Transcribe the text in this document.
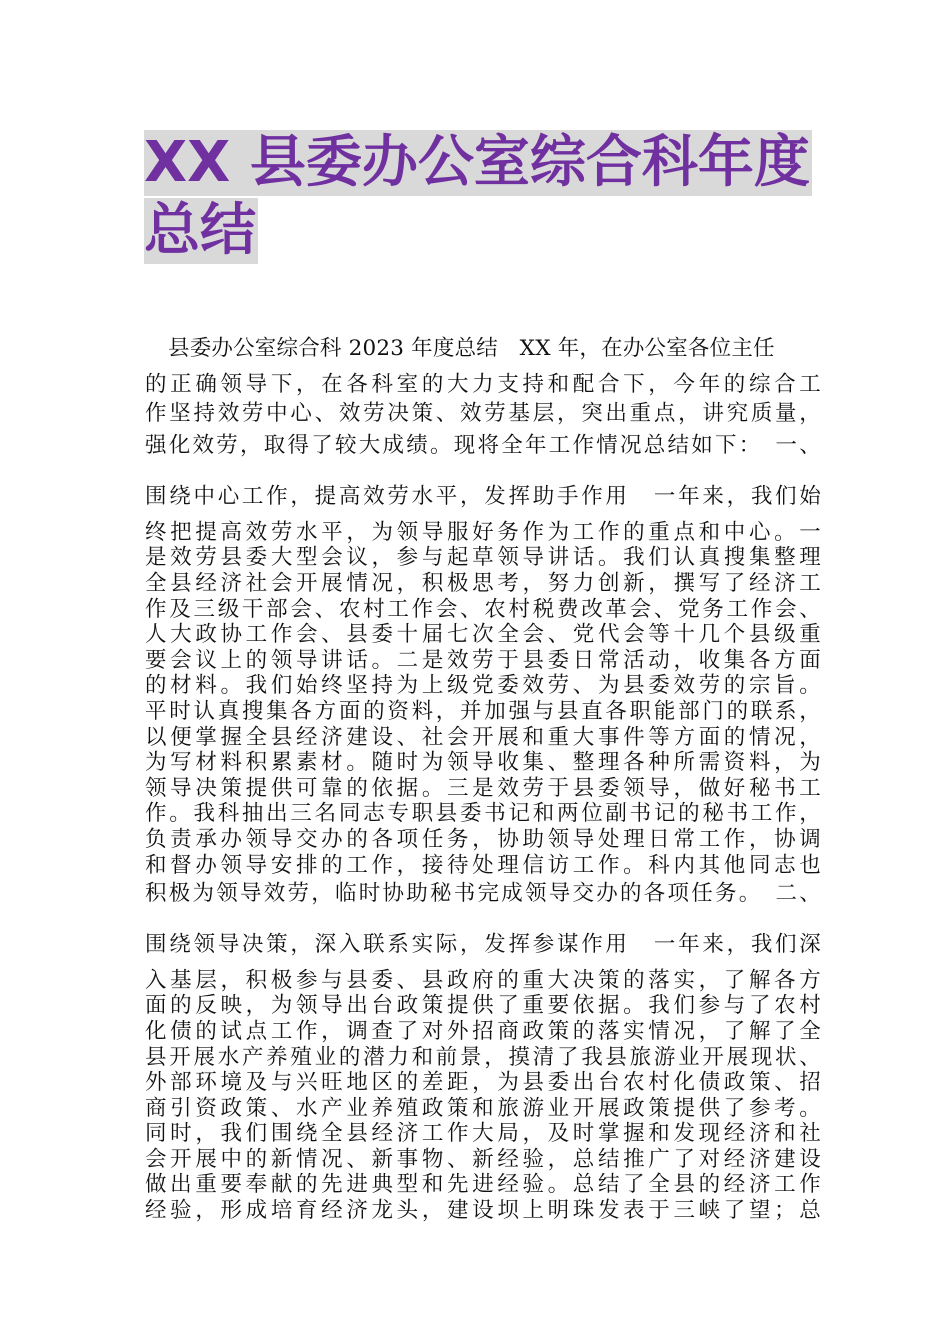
XX 县委办公室综合科年度
总结
县委办公室综合科 2023 年度总结　XX 年，在办公室各位主任
的正确领导下，在各科室的大力支持和配合下，今年的综合工
作坚持效劳中心、效劳决策、效劳基层，突出重点，讲究质量，
强化效劳，取得了较大成绩。现将全年工作情况总结如下：　一、
围绕中心工作，提高效劳水平，发挥助手作用　一年来，我们始
终把提高效劳水平，为领导服好务作为工作的重点和中心。一
是效劳县委大型会议，参与起草领导讲话。我们认真搜集整理
全县经济社会开展情况，积极思考，努力创新，撰写了经济工
作及三级干部会、农村工作会、农村税费改革会、党务工作会、
人大政协工作会、县委十届七次全会、党代会等十几个县级重
要会议上的领导讲话。二是效劳于县委日常活动，收集各方面
的材料。我们始终坚持为上级党委效劳、为县委效劳的宗旨。
平时认真搜集各方面的资料，并加强与县直各职能部门的联系，
以便掌握全县经济建设、社会开展和重大事件等方面的情况，
为写材料积累素材。随时为领导收集、整理各种所需资料，为
领导决策提供可靠的依据。三是效劳于县委领导，做好秘书工
作。我科抽出三名同志专职县委书记和两位副书记的秘书工作，
负责承办领导交办的各项任务，协助领导处理日常工作，协调
和督办领导安排的工作，接待处理信访工作。科内其他同志也
积极为领导效劳，临时协助秘书完成领导交办的各项任务。　二、
围绕领导决策，深入联系实际，发挥参谋作用　一年来，我们深
入基层，积极参与县委、县政府的重大决策的落实，了解各方
面的反映，为领导出台政策提供了重要依据。我们参与了农村
化债的试点工作，调查了对外招商政策的落实情况，了解了全
县开展水产养殖业的潜力和前景，摸清了我县旅游业开展现状、
外部环境及与兴旺地区的差距，为县委出台农村化债政策、招
商引资政策、水产业养殖政策和旅游业开展政策提供了参考。
同时，我们围绕全县经济工作大局，及时掌握和发现经济和社
会开展中的新情况、新事物、新经验，总结推广了对经济建设
做出重要奉献的先进典型和先进经验。总结了全县的经济工作
经验，形成培育经济龙头，建设坝上明珠发表于三峡了望；总
